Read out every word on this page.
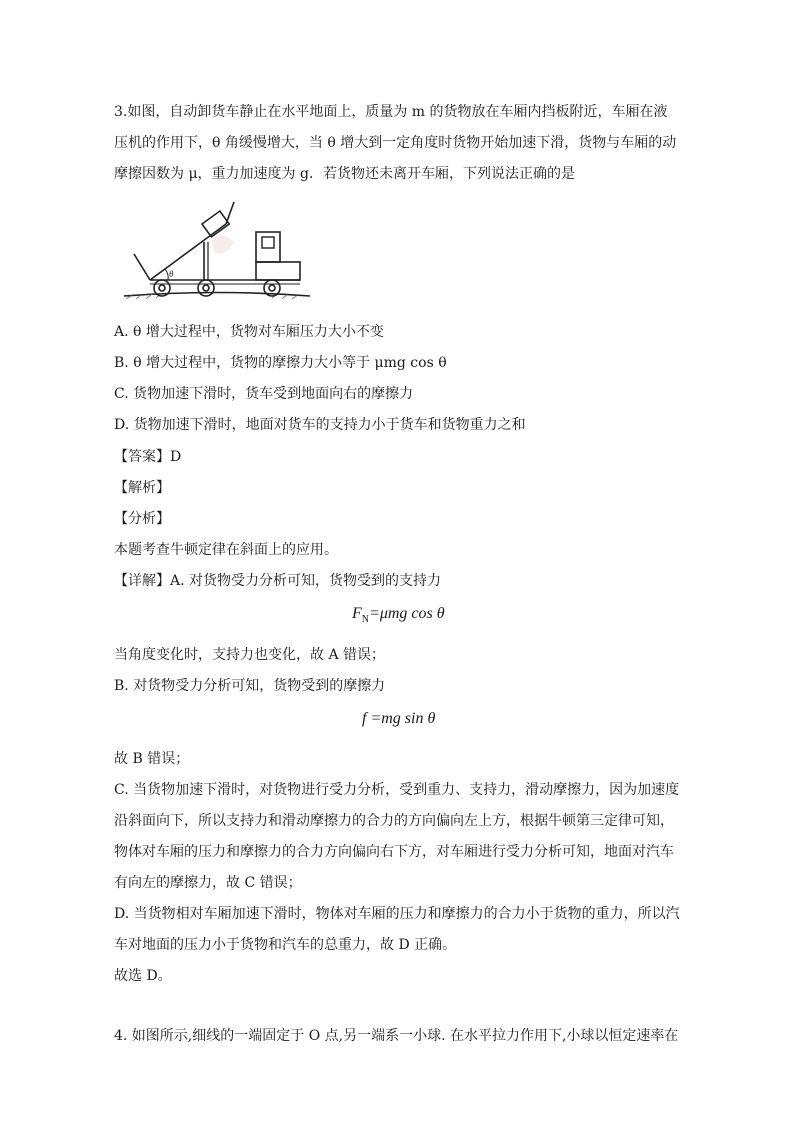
3.如图，自动卸货车静止在水平地面上，质量为 m 的货物放在车厢内挡板附近，车厢在液
压机的作用下，θ 角缓慢增大，当 θ 增大到一定角度时货物开始加速下滑，货物与车厢的动
摩擦因数为 μ，重力加速度为 g．若货物还未离开车厢，下列说法正确的是
θ
A. θ 增大过程中，货物对车厢压力大小不变
B. θ 增大过程中，货物的摩擦力大小等于 μmg cos θ
C. 货物加速下滑时，货车受到地面向右的摩擦力
D. 货物加速下滑时，地面对货车的支持力小于货车和货物重力之和
【答案】D
【解析】
【分析】
本题考查牛顿定律在斜面上的应用。
【详解】A. 对货物受力分析可知，货物受到的支持力
$F_N=\mu mg$ cos θ
当角度变化时，支持力也变化，故 A 错误；
B. 对货物受力分析可知，货物受到的摩擦力
f =mg sin θ
故 B 错误；
C. 当货物加速下滑时，对货物进行受力分析，受到重力、支持力，滑动摩擦力，因为加速度
沿斜面向下，所以支持力和滑动摩擦力的合力的方向偏向左上方，根据牛顿第三定律可知，
物体对车厢的压力和摩擦力的合力方向偏向右下方，对车厢进行受力分析可知，地面对汽车
有向左的摩擦力，故 C 错误；
D. 当货物相对车厢加速下滑时，物体对车厢的压力和摩擦力的合力小于货物的重力，所以汽
车对地面的压力小于货物和汽车的总重力，故 D 正确。
故选 D。
4. 如图所示,细线的一端固定于 O 点,另一端系一小球. 在水平拉力作用下,小球以恒定速率在
